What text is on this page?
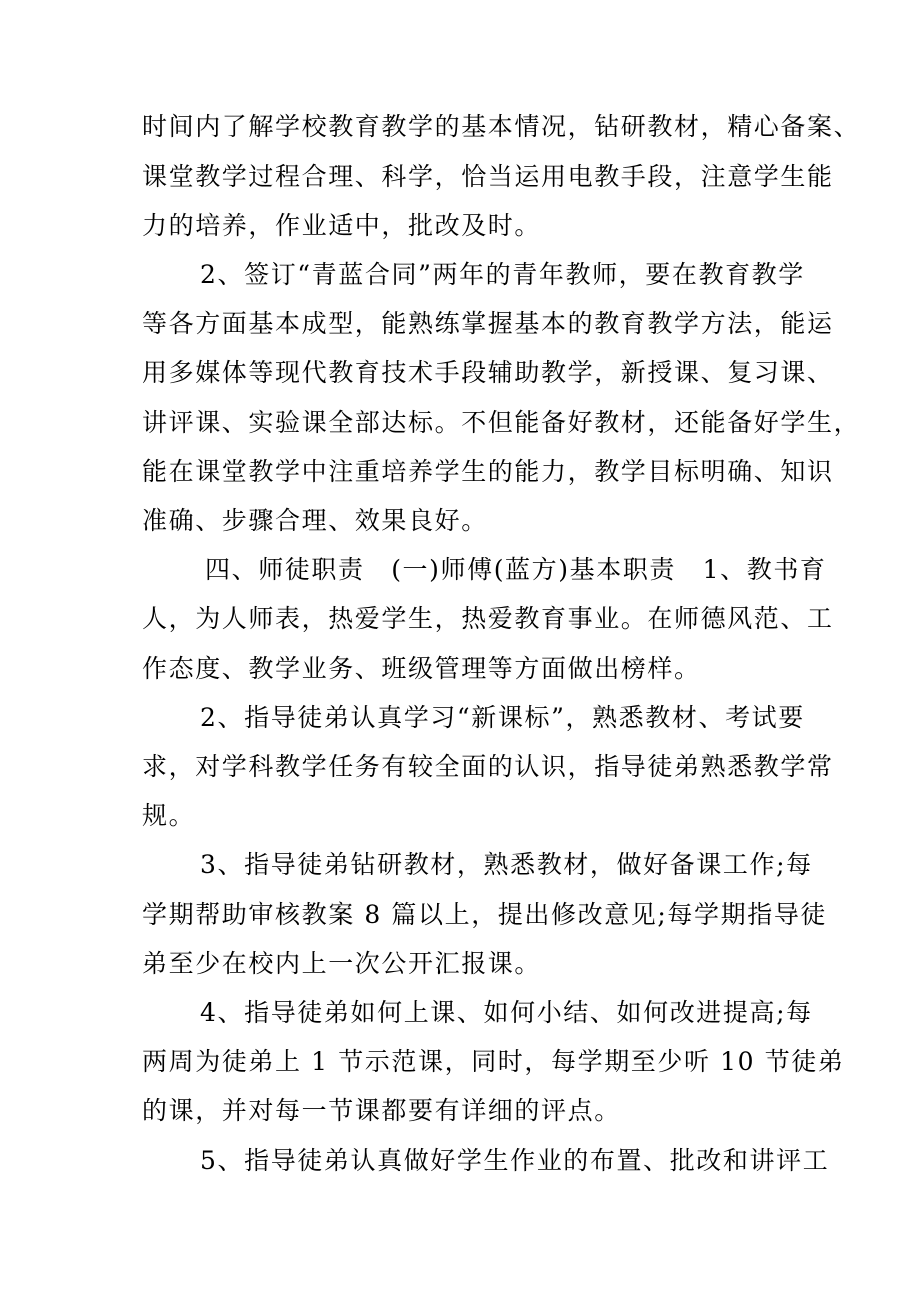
时间内了解学校教育教学的基本情况，钻研教材，精心备案、
课堂教学过程合理、科学，恰当运用电教手段，注意学生能
力的培养，作业适中，批改及时。
2、签订“青蓝合同”两年的青年教师，要在教育教学
等各方面基本成型，能熟练掌握基本的教育教学方法，能运
用多媒体等现代教育技术手段辅助教学，新授课、复习课、
讲评课、实验课全部达标。不但能备好教材，还能备好学生，
能在课堂教学中注重培养学生的能力，教学目标明确、知识
准确、步骤合理、效果良好。
四、师徒职责　(一)师傅(蓝方)基本职责　1、教书育
人，为人师表，热爱学生，热爱教育事业。在师德风范、工
作态度、教学业务、班级管理等方面做出榜样。
2、指导徒弟认真学习“新课标”，熟悉教材、考试要
求，对学科教学任务有较全面的认识，指导徒弟熟悉教学常
规。
3、指导徒弟钻研教材，熟悉教材，做好备课工作;每
学期帮助审核教案 8 篇以上，提出修改意见;每学期指导徒
弟至少在校内上一次公开汇报课。
4、指导徒弟如何上课、如何小结、如何改进提高;每
两周为徒弟上 1 节示范课，同时，每学期至少听 10 节徒弟
的课，并对每一节课都要有详细的评点。
5、指导徒弟认真做好学生作业的布置、批改和讲评工
